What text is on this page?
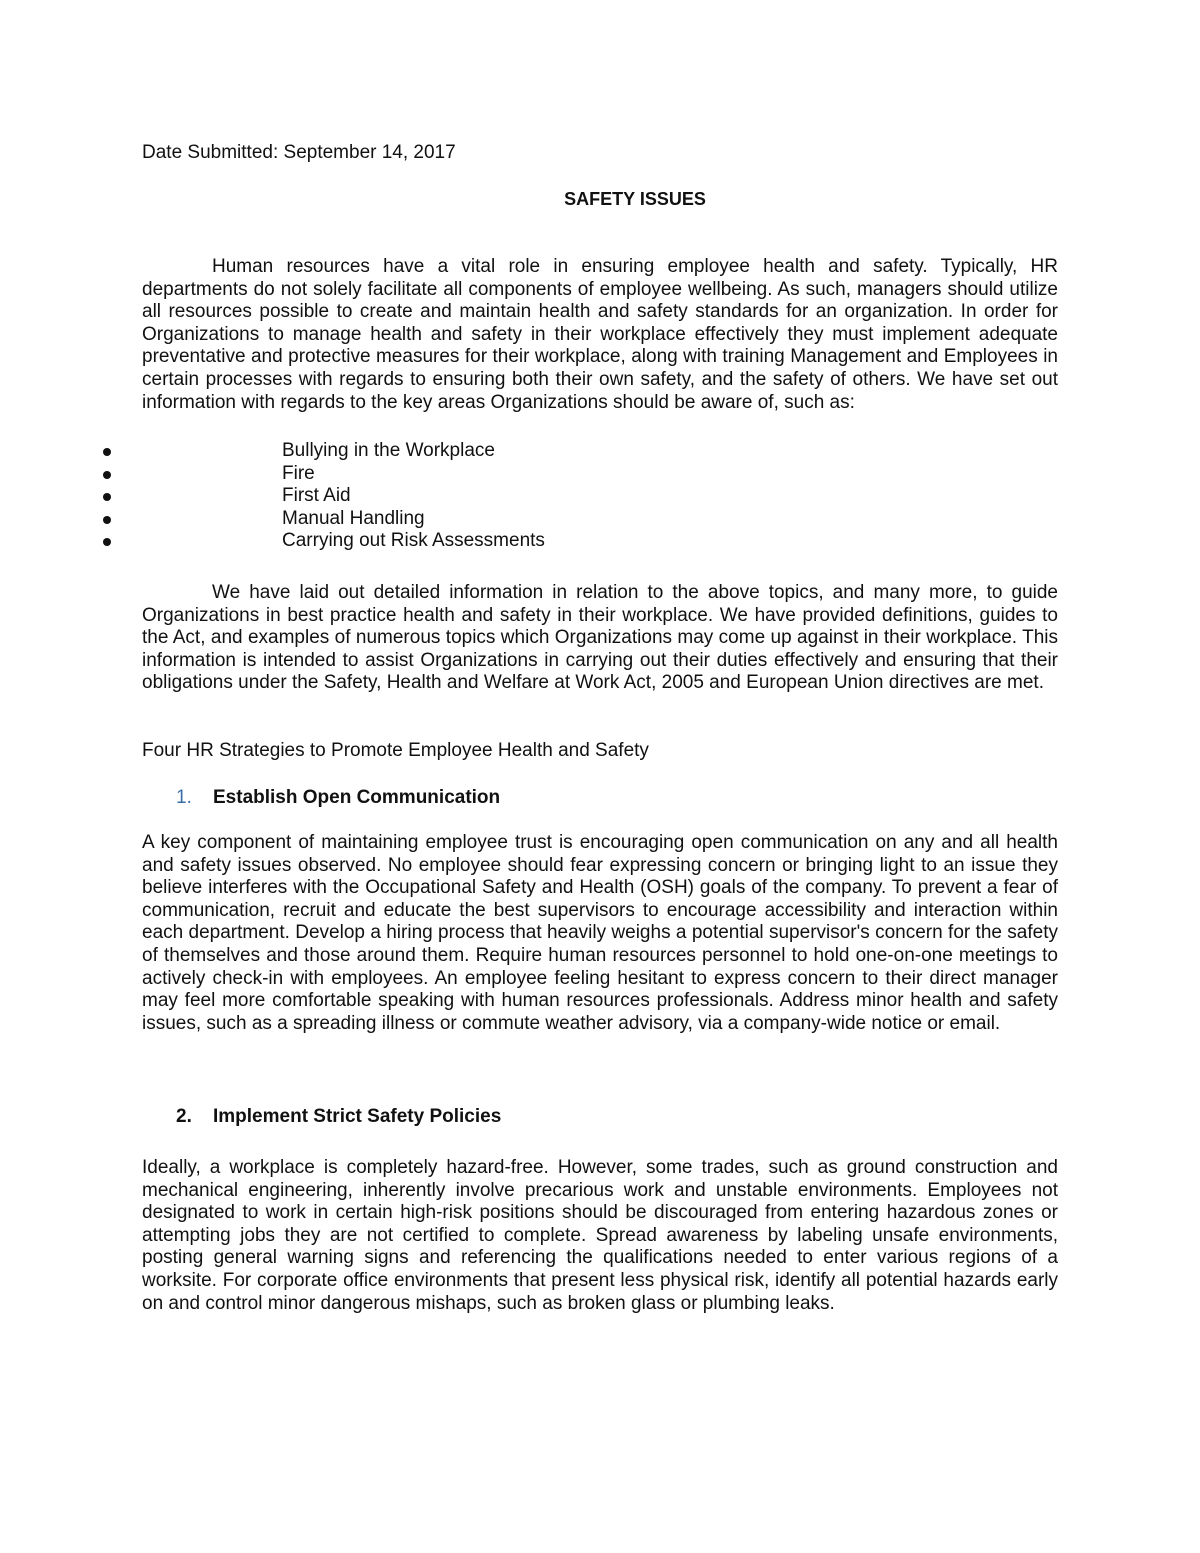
Date Submitted: September 14, 2017

SAFETY ISSUES

Human resources have a vital role in ensuring employee health and safety. Typically, HR departments do not solely facilitate all components of employee wellbeing. As such, managers should utilize all resources possible to create and maintain health and safety standards for an organization. In order for Organizations to manage health and safety in their workplace effectively they must implement adequate preventative and protective measures for their workplace, along with training Management and Employees in certain processes with regards to ensuring both their own safety, and the safety of others. We have set out information with regards to the key areas Organizations should be aware of, such as:

Bullying in the Workplace
Fire
First Aid
Manual Handling
Carrying out Risk Assessments

We have laid out detailed information in relation to the above topics, and many more, to guide Organizations in best practice health and safety in their workplace. We have provided definitions, guides to the Act, and examples of numerous topics which Organizations may come up against in their workplace. This information is intended to assist Organizations in carrying out their duties effectively and ensuring that their obligations under the Safety, Health and Welfare at Work Act, 2005 and European Union directives are met.

Four HR Strategies to Promote Employee Health and Safety

1. Establish Open Communication

A key component of maintaining employee trust is encouraging open communication on any and all health and safety issues observed. No employee should fear expressing concern or bringing light to an issue they believe interferes with the Occupational Safety and Health (OSH) goals of the company. To prevent a fear of communication, recruit and educate the best supervisors to encourage accessibility and interaction within each department. Develop a hiring process that heavily weighs a potential supervisor's concern for the safety of themselves and those around them. Require human resources personnel to hold one-on-one meetings to actively check-in with employees. An employee feeling hesitant to express concern to their direct manager may feel more comfortable speaking with human resources professionals. Address minor health and safety issues, such as a spreading illness or commute weather advisory, via a company-wide notice or email.

2. Implement Strict Safety Policies

Ideally, a workplace is completely hazard-free. However, some trades, such as ground construction and mechanical engineering, inherently involve precarious work and unstable environments. Employees not designated to work in certain high-risk positions should be discouraged from entering hazardous zones or attempting jobs they are not certified to complete. Spread awareness by labeling unsafe environments, posting general warning signs and referencing the qualifications needed to enter various regions of a worksite. For corporate office environments that present less physical risk, identify all potential hazards early on and control minor dangerous mishaps, such as broken glass or plumbing leaks.
